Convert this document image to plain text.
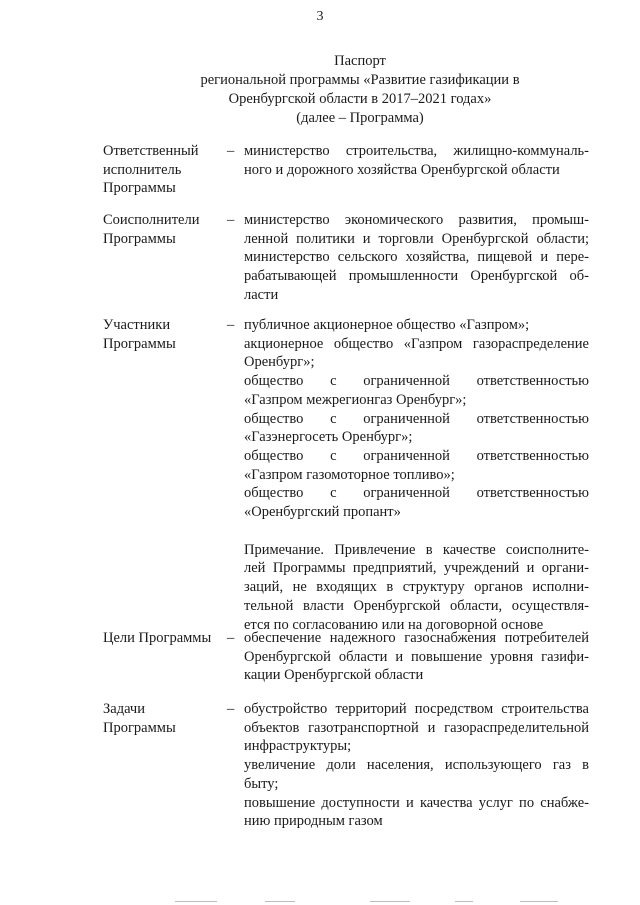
3
Паспорт
региональной программы «Развитие газификации в
Оренбургской области в 2017–2021 годах»
(далее – Программа)
Ответственный
исполнитель
Программы
– министерство строительства, жилищно-коммуналь-
ного и дорожного хозяйства Оренбургской области
Соисполнители
Программы
– министерство экономического развития, промыш-
ленной политики и торговли Оренбургской области;
министерство сельского хозяйства, пищевой и пере-
рабатывающей промышленности Оренбургской об-
ласти
Участники
Программы
– публичное акционерное общество «Газпром»;
акционерное общество «Газпром газораспределение
Оренбург»;
общество с ограниченной ответственностью
«Газпром межрегионгаз Оренбург»;
общество с ограниченной ответственностью
«Газэнергосеть Оренбург»;
общество с ограниченной ответственностью
«Газпром газомоторное топливо»;
общество с ограниченной ответственностью
«Оренбургский пропант»
Примечание. Привлечение в качестве соисполните-
лей Программы предприятий, учреждений и органи-
заций, не входящих в структуру органов исполни-
тельной власти Оренбургской области, осуществля-
ется по согласованию или на договорной основе
Цели Программы	– обеспечение надежного газоснабжения потребителей
Оренбургской области и повышение уровня газифи-
кации Оренбургской области
Задачи
Программы
– обустройство территорий посредством строительства
объектов газотранспортной и газораспределительной
инфраструктуры;
увеличение доли населения, использующего газ в
быту;
повышение доступности и качества услуг по снабже-
нию природным газом
